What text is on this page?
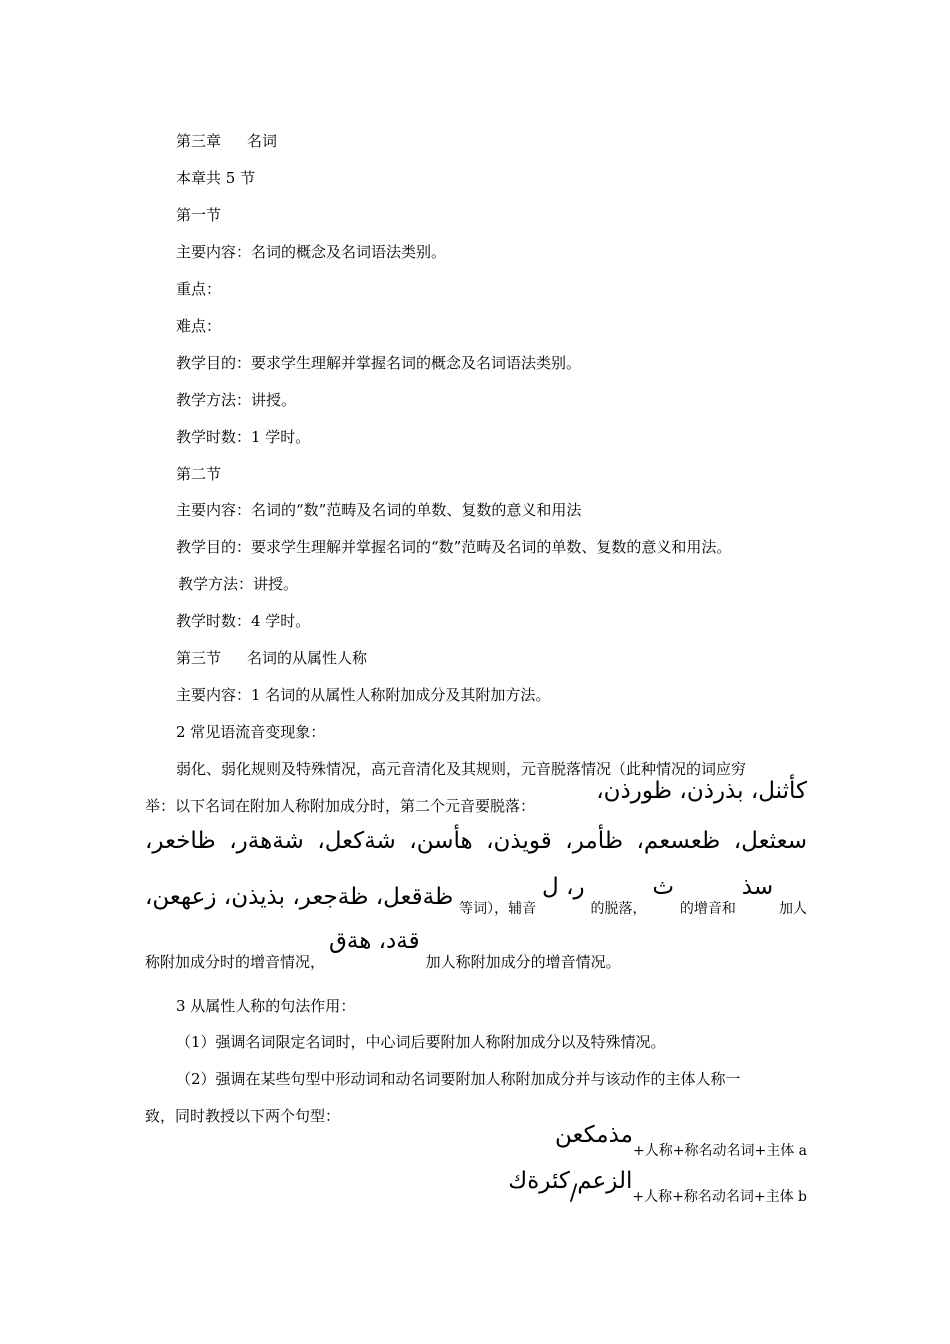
第三章 名词
本章共 5 节
第一节
主要内容：名词的概念及名词语法类别。
重点：
难点：
教学目的：要求学生理解并掌握名词的概念及名词语法类别。
教学方法：讲授。
教学时数：1 学时。
第二节
主要内容：名词的“数”范畴及名词的单数、复数的意义和用法
教学目的：要求学生理解并掌握名词的“数”范畴及名词的单数、复数的意义和用法。
教学方法：讲授。
教学时数：4 学时。
第三节 名词的从属性人称
主要内容：1 名词的从属性人称附加成分及其附加方法。
2 常见语流音变现象：
弱化、弱化规则及特殊情况，高元音清化及其规则，元音脱落情况（此种情况的词应穷
举：以下名词在附加人称附加成分时，第二个元音要脱落：
كأثنل، بذرذن، ظورذن،
سعثعل، ظعسعم، ظأمر، قويذن، هأسن، شةكعل، شةهةر، ظاخعر،
ظةقعل، ظةجعر، بذيذن، زعهعن، 等词），辅音
ر، ل
的脱落，
ث
的增音和
سذ
加人
称附加成分时的增音情况，
قةد، هةق
加人称附加成分的增音情况。
3 从属性人称的句法作用：
（1）强调名词限定名词时，中心词后要附加人称附加成分以及特殊情况。
（2）强调在某些句型中形动词和动名词要附加人称附加成分并与该动作的主体人称一
致，同时教授以下两个句型：
مذمكعن
+人称+称名动名词+主体 a
كئرةك / الزعم
+人称+称名动名词+主体 b
